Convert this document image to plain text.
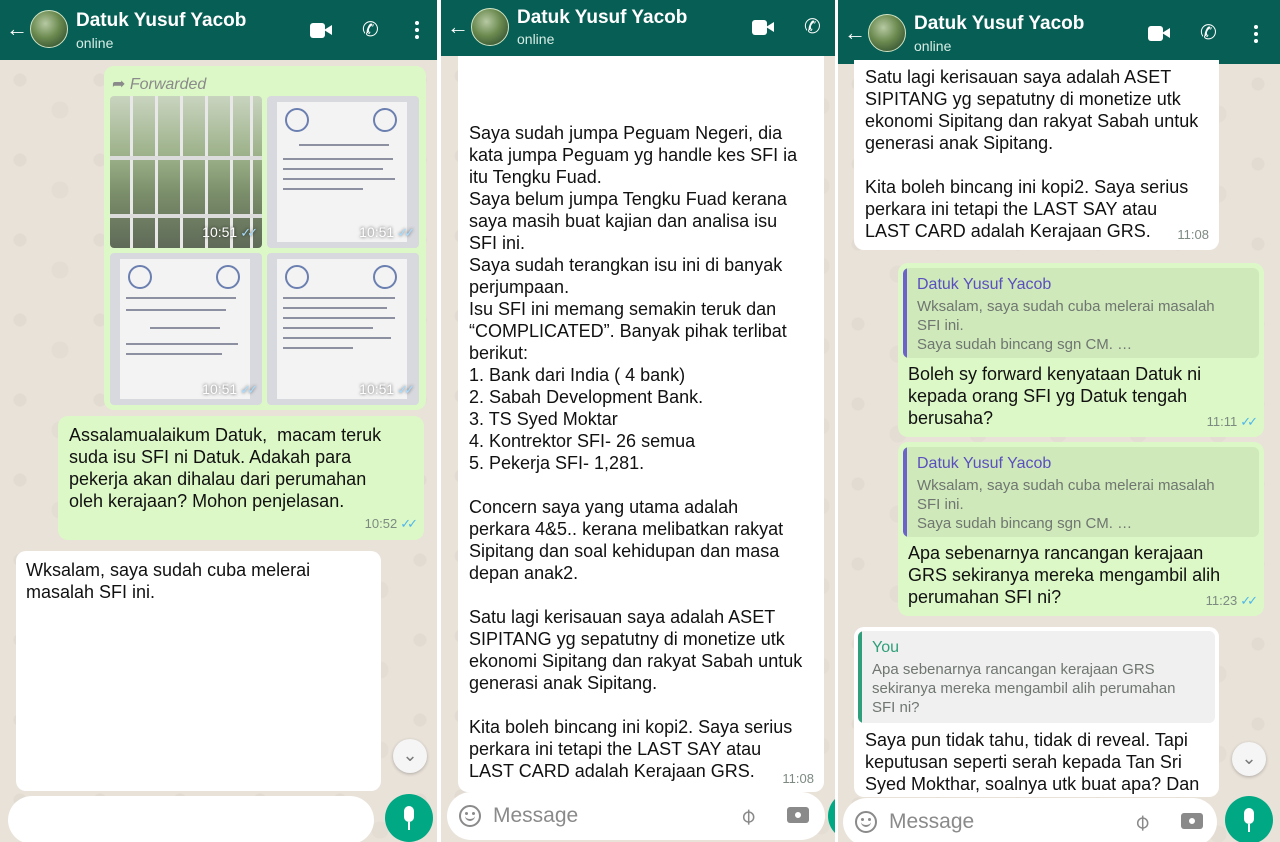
←	Datuk Yusuf Yacob
online
✆
➦ Forwarded
10:51 ✓✓	10:51 ✓✓
10:51 ✓✓	10:51 ✓✓
Assalamualaikum Datuk,  macam teruk
suda isu SFI ni Datuk. Adakah para
pekerja akan dihalau dari perumahan
oleh kerajaan? Mohon penjelasan.
10:52 ✓✓
Wksalam, saya sudah cuba melerai
masalah SFI ini.
⌄
←	Datuk Yusuf Yacob
online
✆
Saya sudah jumpa Peguam Negeri, dia
kata jumpa Peguam yg handle kes SFI ia
itu Tengku Fuad.
Saya belum jumpa Tengku Fuad kerana
saya masih buat kajian dan analisa isu
SFI ini.
Saya sudah terangkan isu ini di banyak
perjumpaan.
Isu SFI ini memang semakin teruk dan
“COMPLICATED”. Banyak pihak terlibat
berikut:
1. Bank dari India ( 4 bank)
2. Sabah Development Bank.
3. TS Syed Moktar
4. Kontrektor SFI- 26 semua
5. Pekerja SFI- 1,281.

Concern saya yang utama adalah
perkara 4&5.. kerana melibatkan rakyat
Sipitang dan soal kehidupan dan masa
depan anak2.

Satu lagi kerisauan saya adalah ASET
SIPITANG yg sepatutny di monetize utk
ekonomi Sipitang dan rakyat Sabah untuk
generasi anak Sipitang.

Kita boleh bincang ini kopi2. Saya serius
perkara ini tetapi the LAST SAY atau
LAST CARD adalah Kerajaan GRS.	11:08
Message	⌀
←	Datuk Yusuf Yacob
online
✆
Satu lagi kerisauan saya adalah ASET
SIPITANG yg sepatutny di monetize utk
ekonomi Sipitang dan rakyat Sabah untuk
generasi anak Sipitang.

Kita boleh bincang ini kopi2. Saya serius
perkara ini tetapi the LAST SAY atau
LAST CARD adalah Kerajaan GRS.	11:08
Datuk Yusuf Yacob
Wksalam, saya sudah cuba melerai masalah
SFI ini.
Saya sudah bincang sgn CM. …
Boleh sy forward kenyataan Datuk ni
kepada orang SFI yg Datuk tengah
berusaha?	11:11 ✓✓
Datuk Yusuf Yacob
Wksalam, saya sudah cuba melerai masalah
SFI ini.
Saya sudah bincang sgn CM. …
Apa sebenarnya rancangan kerajaan
GRS sekiranya mereka mengambil alih
perumahan SFI ni?	11:23 ✓✓
You
Apa sebenarnya rancangan kerajaan GRS
sekiranya mereka mengambil alih perumahan
SFI ni?
Saya pun tidak tahu, tidak di reveal. Tapi
keputusan seperti serah kepada Tan Sri
Syed Mokthar, soalnya utk buat apa? Dan
⌄
Message	⌀
